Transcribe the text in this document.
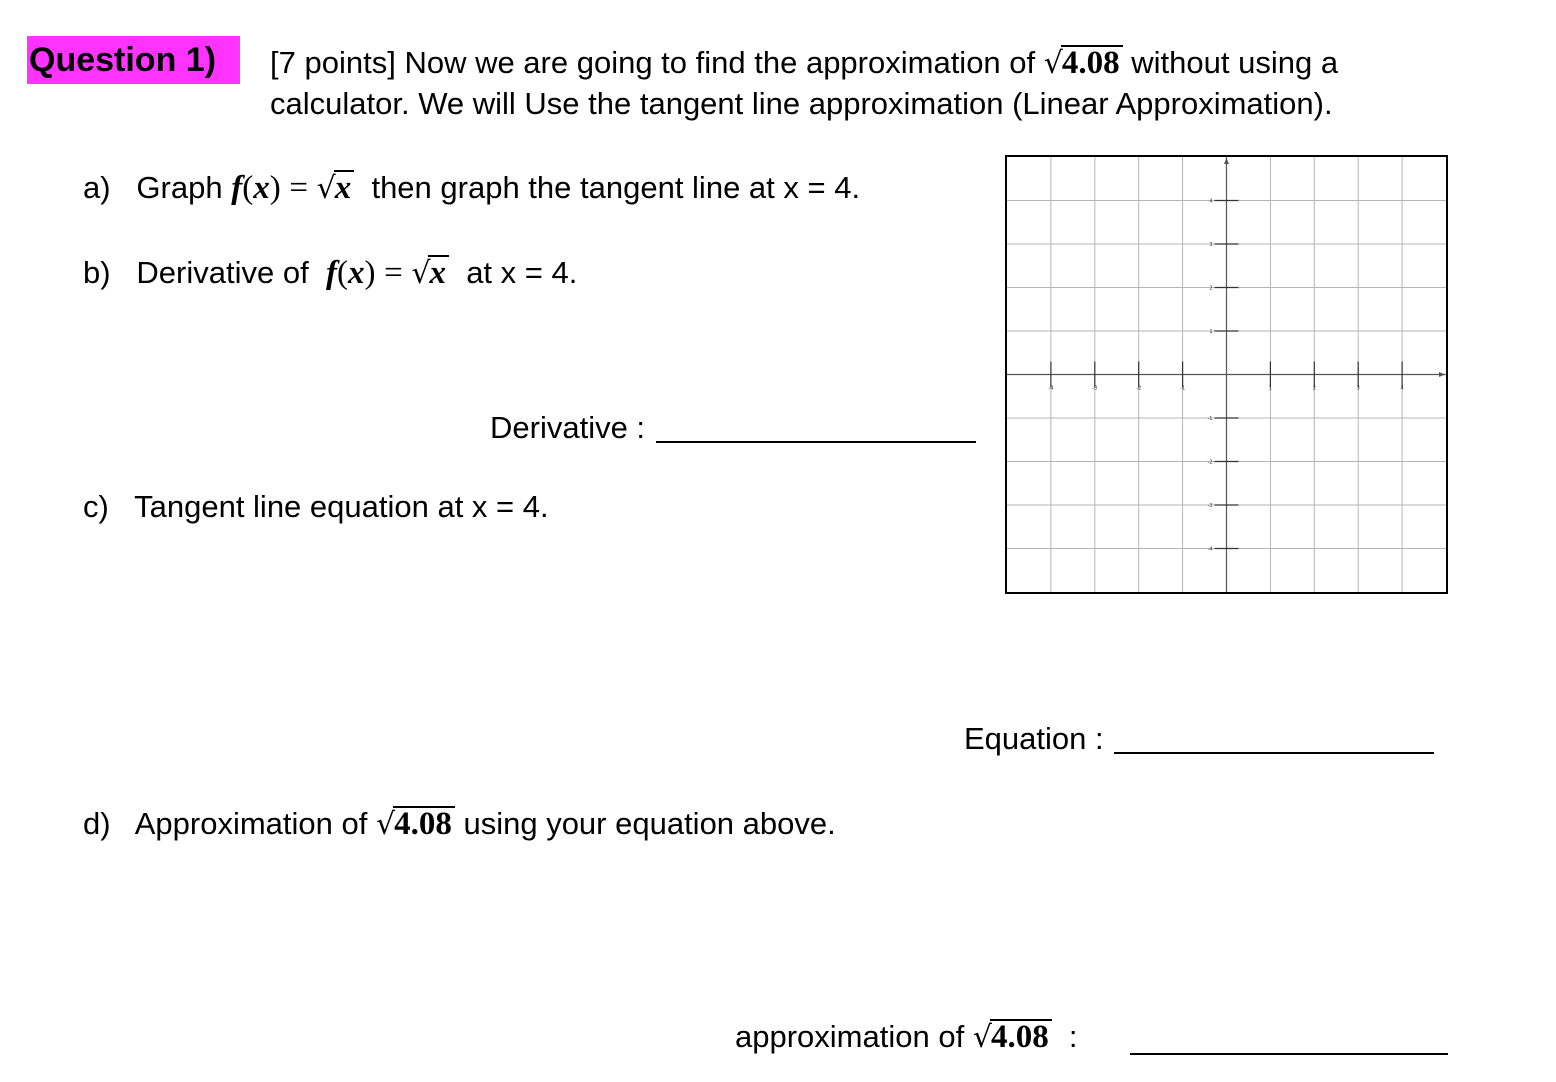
Question 1)	[7 points] Now we are going to find the approximation of √4.08 without using a
calculator. We will Use the tangent line approximation (Linear Approximation).
a) Graph f(x) = √x then graph the tangent line at x = 4.
b) Derivative of f(x) = √x at x = 4.
Derivative :
c) Tangent line equation at x = 4.
-4	-3	-2	-1	1	2	3	4
4
3
2
1
-1
-2
-3
-4
Equation :
d) Approximation of √4.08 using your equation above.
approximation of √4.08 :
